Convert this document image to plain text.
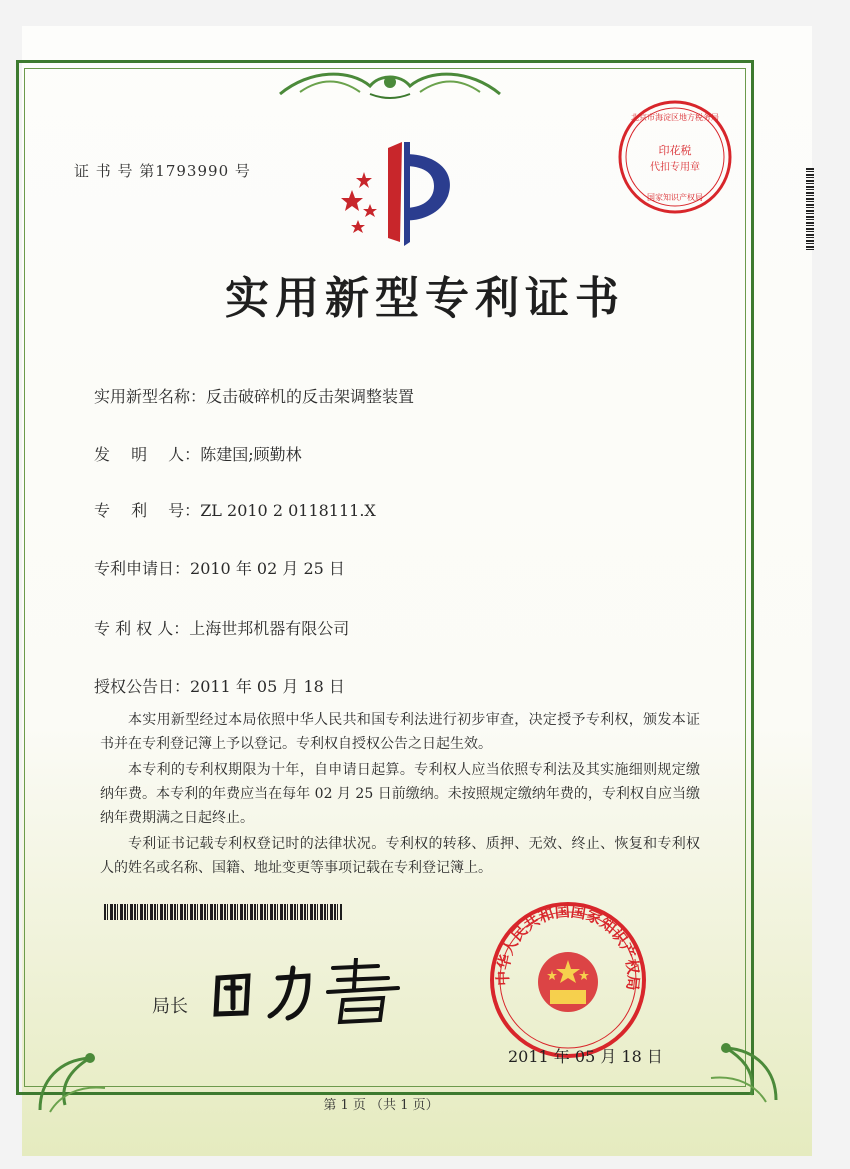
证 书 号 第1793990 号
实用新型专利证书
实用新型名称：反击破碎机的反击架调整装置
发　 明　 人：陈建国;顾勤林
专　 利　 号：ZL 2010 2 0118111.X
专利申请日：2010 年 02 月 25 日
专 利 权 人：上海世邦机器有限公司
授权公告日：2011 年 05 月 18 日

本实用新型经过本局依照中华人民共和国专利法进行初步审查，决定授予专利权，颁发本证书并在专利登记簿上予以登记。专利权自授权公告之日起生效。

本专利的专利权期限为十年，自申请日起算。专利权人应当依照专利法及其实施细则规定缴纳年费。本专利的年费应当在每年 02 月 25 日前缴纳。未按照规定缴纳年费的，专利权自应当缴纳年费期满之日起终止。

专利证书记载专利权登记时的法律状况。专利权的转移、质押、无效、终止、恢复和专利权人的姓名或名称、国籍、地址变更等事项记载在专利登记簿上。

局长
印花税
代扣专用章
北京市海淀区地方税务局
国家知识产权局
中华人民共和国国家知识产权局
2011 年 05 月 18 日
第 1 页 （共 1 页）
